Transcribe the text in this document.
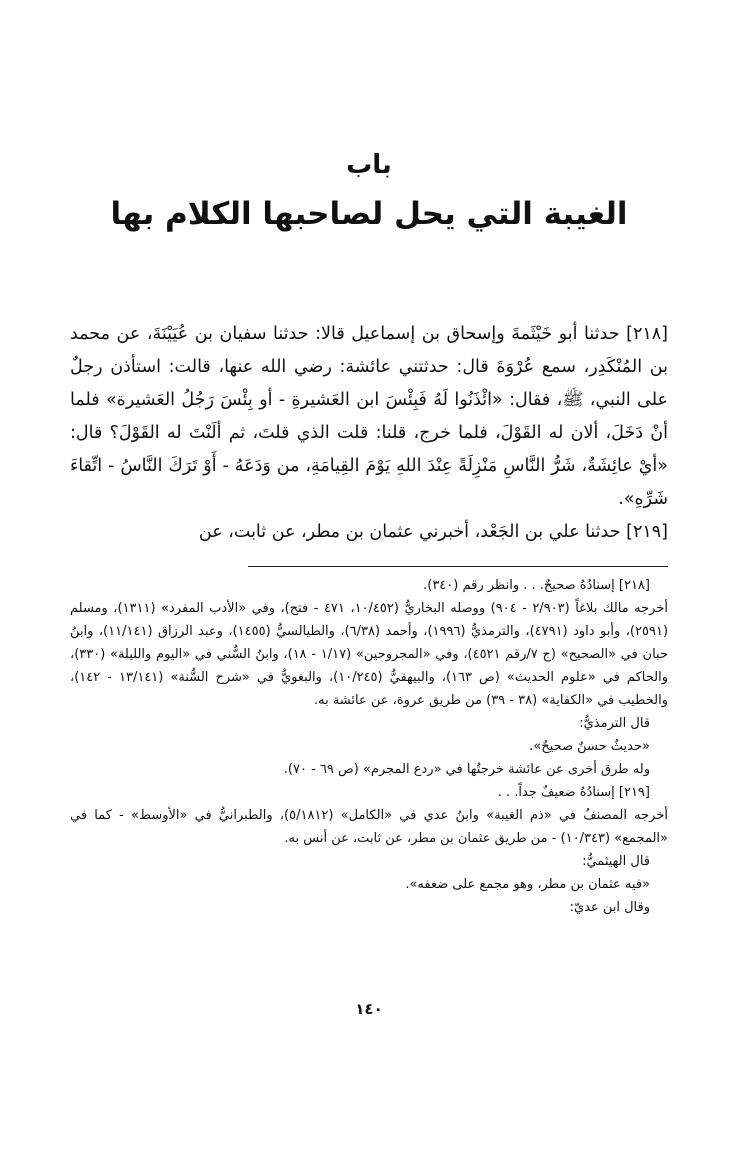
باب
الغيبة التي يحل لصاحبها الكلام بها

[٢١٨] حدثنا أبو خَيْثَمةَ وإسحاق بن إسماعيل قالا: حدثنا سفيان بن عُيَيْنَةَ، عن محمد بن المُنْكَدِر، سمع عُرْوَةَ قال: حدثتني عائشة: رضي الله عنها، قالت: استأذن رجلٌ على النبي، ﷺ، فقال: «ائْذَنُوا لَهُ فَبِئْسَ ابن العَشيرةِ - أو بِئْسَ رَجُلُ العَشيرة» فلما أنْ دَخَلَ، ألان له القَوْلَ، فلما خرج، قلنا: قلت الذي قلتَ، ثم ألَنْتَ له القَوْلَ؟ قال: «أيْ عائِشَةُ، شَرُّ النَّاسِ مَنْزِلَةً عِنْدَ اللهِ يَوْمَ القِيامَةِ، من وَدَعَهُ - أَوْ تَرَكَ النَّاسُ - اتِّقاءَ شَرِّهِ».

[٢١٩] حدثنا علي بن الجَعْد، أخبرني عثمان بن مطر، عن ثابت، عن

[٢١٨] إسنادُهُ صحيحٌ. . . وانظر رقم (٣٤٠).

أخرجه مالك بلاغاً (٢/٩٠٣ - ٩٠٤) ووصله البخاريُّ (١٠/٤٥٢، ٤٧١ - فتح)، وفي «الأدب المفرد» (١٣١١)، ومسلم (٢٥٩١)، وأبو داود (٤٧٩١)، والترمذيُّ (١٩٩٦)، وأحمد (٦/٣٨)، والطيالسيُّ (١٤٥٥)، وعبد الرزاق (١١/١٤١)، وابنُ حبان في «الصحيح» (ج ٧/رقم ٤٥٢١)، وفي «المجروحين» (١/١٧ - ١٨)، وابنُ السُّني في «اليوم والليلة» (٣٣٠)، والحاكم في «علوم الحديث» (ص ١٦٣)، والبيهقيُّ (١٠/٢٤٥)، والبغويُّ في «شرح السُّنة» (١٣/١٤١ - ١٤٢)، والخطيب في «الكفاية» (٣٨ - ٣٩) من طريق عروة، عن عائشة به.

قال الترمذيُّ:

«حديثٌ حسنٌ صحيحٌ».

وله طرق أخرى عن عائشة خرجتُها في «ردع المجرم» (ص ٦٩ - ٧٠).

[٢١٩] إسنادُهُ ضعيفٌ جداً. . .

أخرجه المصنفُ في «ذم الغيبة» وابنُ عدي في «الكامل» (٥/١٨١٢)، والطبرانيُّ في «الأوسط» - كما في «المجمع» (١٠/٣٤٣) - من طريق عثمان بن مطر، عن ثابت، عن أنس به.

قال الهيثميُّ:

«فيه عثمان بن مطر، وهو مجمع على ضعفه».

وقال ابن عديّ:

١٤٠
